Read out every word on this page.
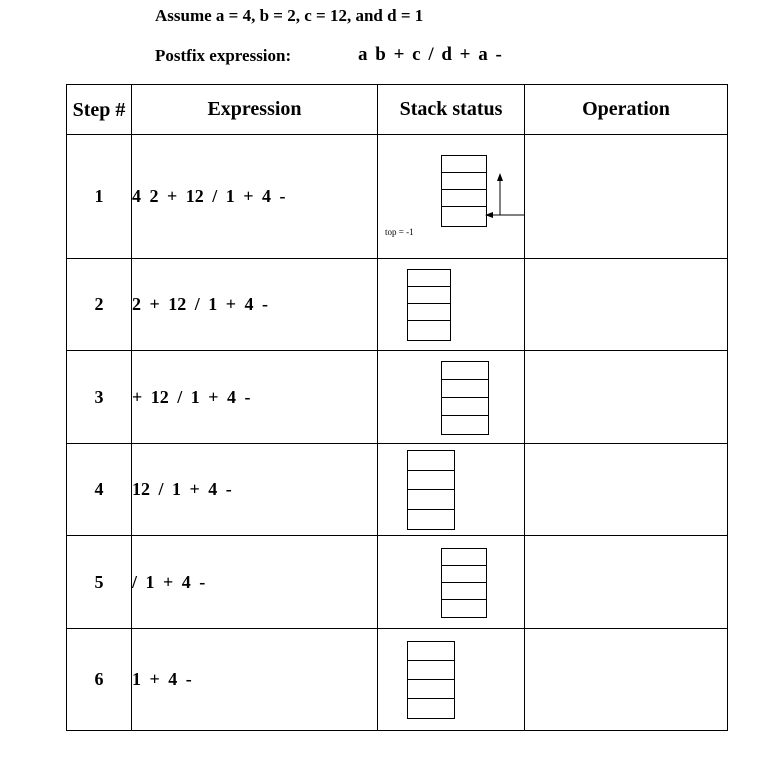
Assume a = 4, b = 2, c = 12, and d = 1
Postfix expression:	a b + c / d + a -
Step #	Expression	Stack status	Operation
1	4 2 + 12 / 1 + 4 -	top = -1	

2	2 + 12 / 1 + 4 -	

3	+ 12 / 1 + 4 -	

4	12 / 1 + 4 -	

5	/ 1 + 4 -	

6	1 + 4 -	
